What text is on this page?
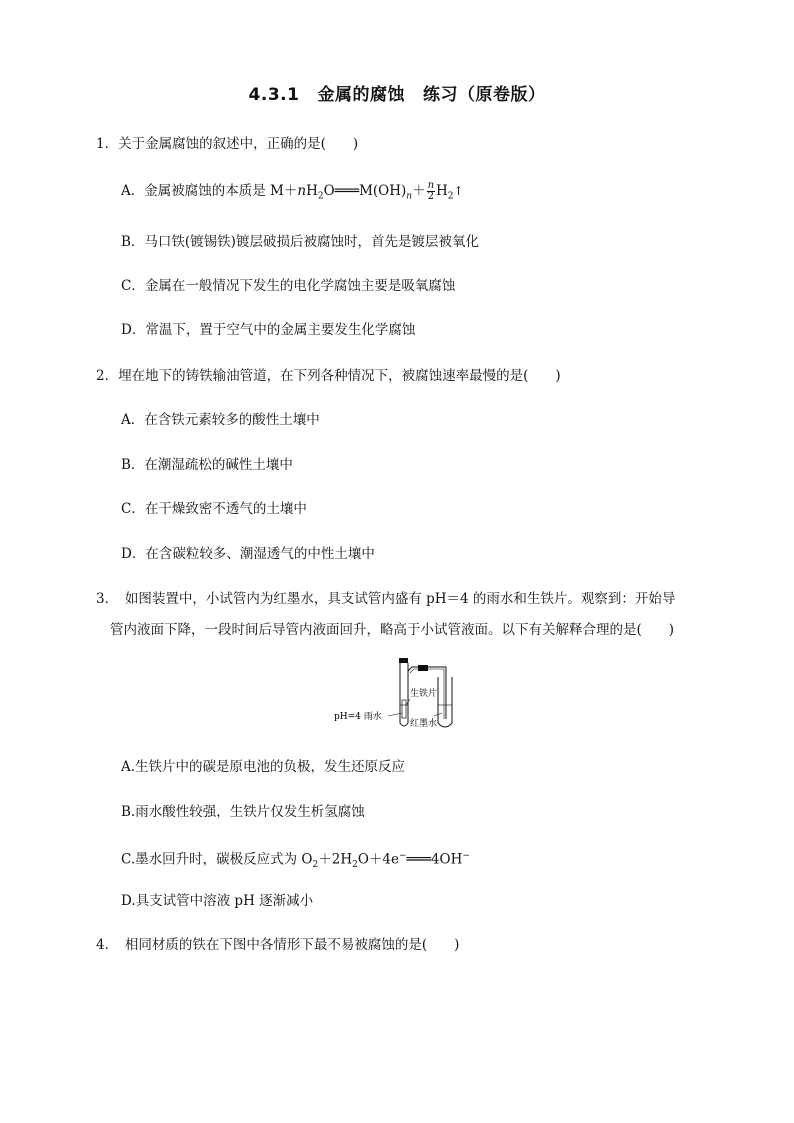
4.3.1 金属的腐蚀 练习（原卷版）
1．关于金属腐蚀的叙述中，正确的是(　　)
A．金属被腐蚀的本质是 $M+nH_2O═══M(OH)_n+ \frac{n}{2}$ $H_2↑$
B．马口铁(镀锡铁)镀层破损后被腐蚀时，首先是镀层被氧化
C．金属在一般情况下发生的电化学腐蚀主要是吸氧腐蚀
D．常温下，置于空气中的金属主要发生化学腐蚀
2．埋在地下的铸铁输油管道，在下列各种情况下，被腐蚀速率最慢的是(　　)
A．在含铁元素较多的酸性土壤中
B．在潮湿疏松的碱性土壤中
C．在干燥致密不透气的土壤中
D．在含碳粒较多、潮湿透气的中性土壤中
3．　如图装置中，小试管内为红墨水，具支试管内盛有 pH＝4 的雨水和生铁片。观察到：开始导
管内液面下降，一段时间后导管内液面回升，略高于小试管液面。以下有关解释合理的是(　　)
pH=4 雨水
生铁片
红墨水
A.生铁片中的碳是原电池的负极，发生还原反应
B.雨水酸性较强，生铁片仅发生析氢腐蚀
C.墨水回升时，碳极反应式为 $O_2+2H_2O+4e^-═══4OH^-$
D.具支试管中溶液 pH 逐渐减小
4．　相同材质的铁在下图中各情形下最不易被腐蚀的是(　　)
